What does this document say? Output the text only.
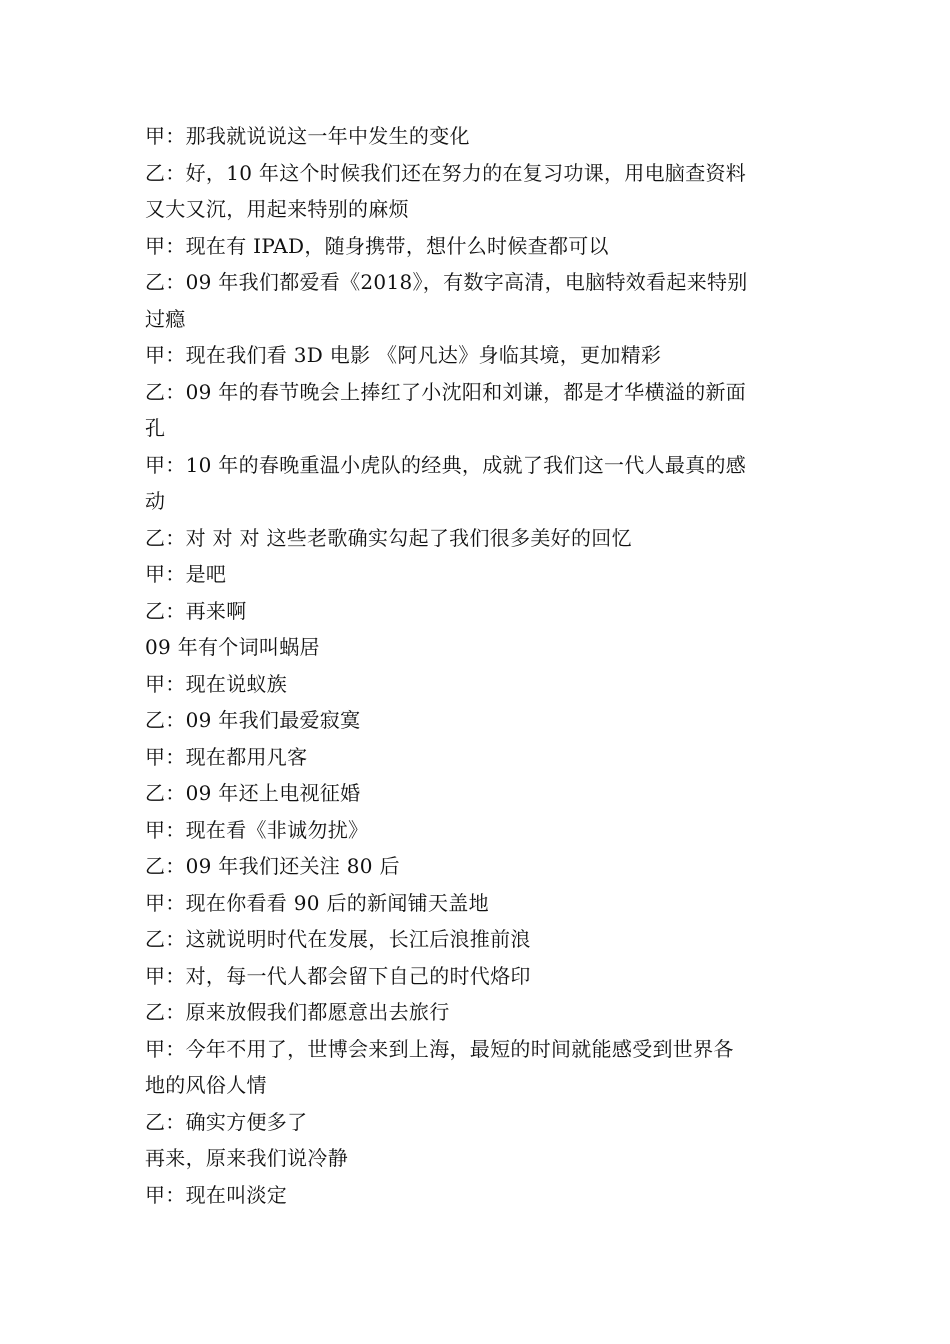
甲：那我就说说这一年中发生的变化

乙：好，10 年这个时候我们还在努力的在复习功课，用电脑查资料

又大又沉，用起来特别的麻烦

甲：现在有 IPAD，随身携带，想什么时候查都可以

乙：09 年我们都爱看《2018》，有数字高清，电脑特效看起来特别

过瘾

甲：现在我们看 3D 电影 《阿凡达》身临其境，更加精彩

乙：09 年的春节晚会上捧红了小沈阳和刘谦，都是才华横溢的新面

孔

甲：10 年的春晚重温小虎队的经典，成就了我们这一代人最真的感

动

乙：对 对 对 这些老歌确实勾起了我们很多美好的回忆

甲：是吧

乙：再来啊

09 年有个词叫蜗居

甲：现在说蚁族

乙：09 年我们最爱寂寞

甲：现在都用凡客

乙：09 年还上电视征婚

甲：现在看《非诚勿扰》

乙：09 年我们还关注 80 后

甲：现在你看看 90 后的新闻铺天盖地

乙：这就说明时代在发展，长江后浪推前浪

甲：对，每一代人都会留下自己的时代烙印

乙：原来放假我们都愿意出去旅行

甲：今年不用了，世博会来到上海，最短的时间就能感受到世界各

地的风俗人情

乙：确实方便多了

再来，原来我们说冷静

甲：现在叫淡定
